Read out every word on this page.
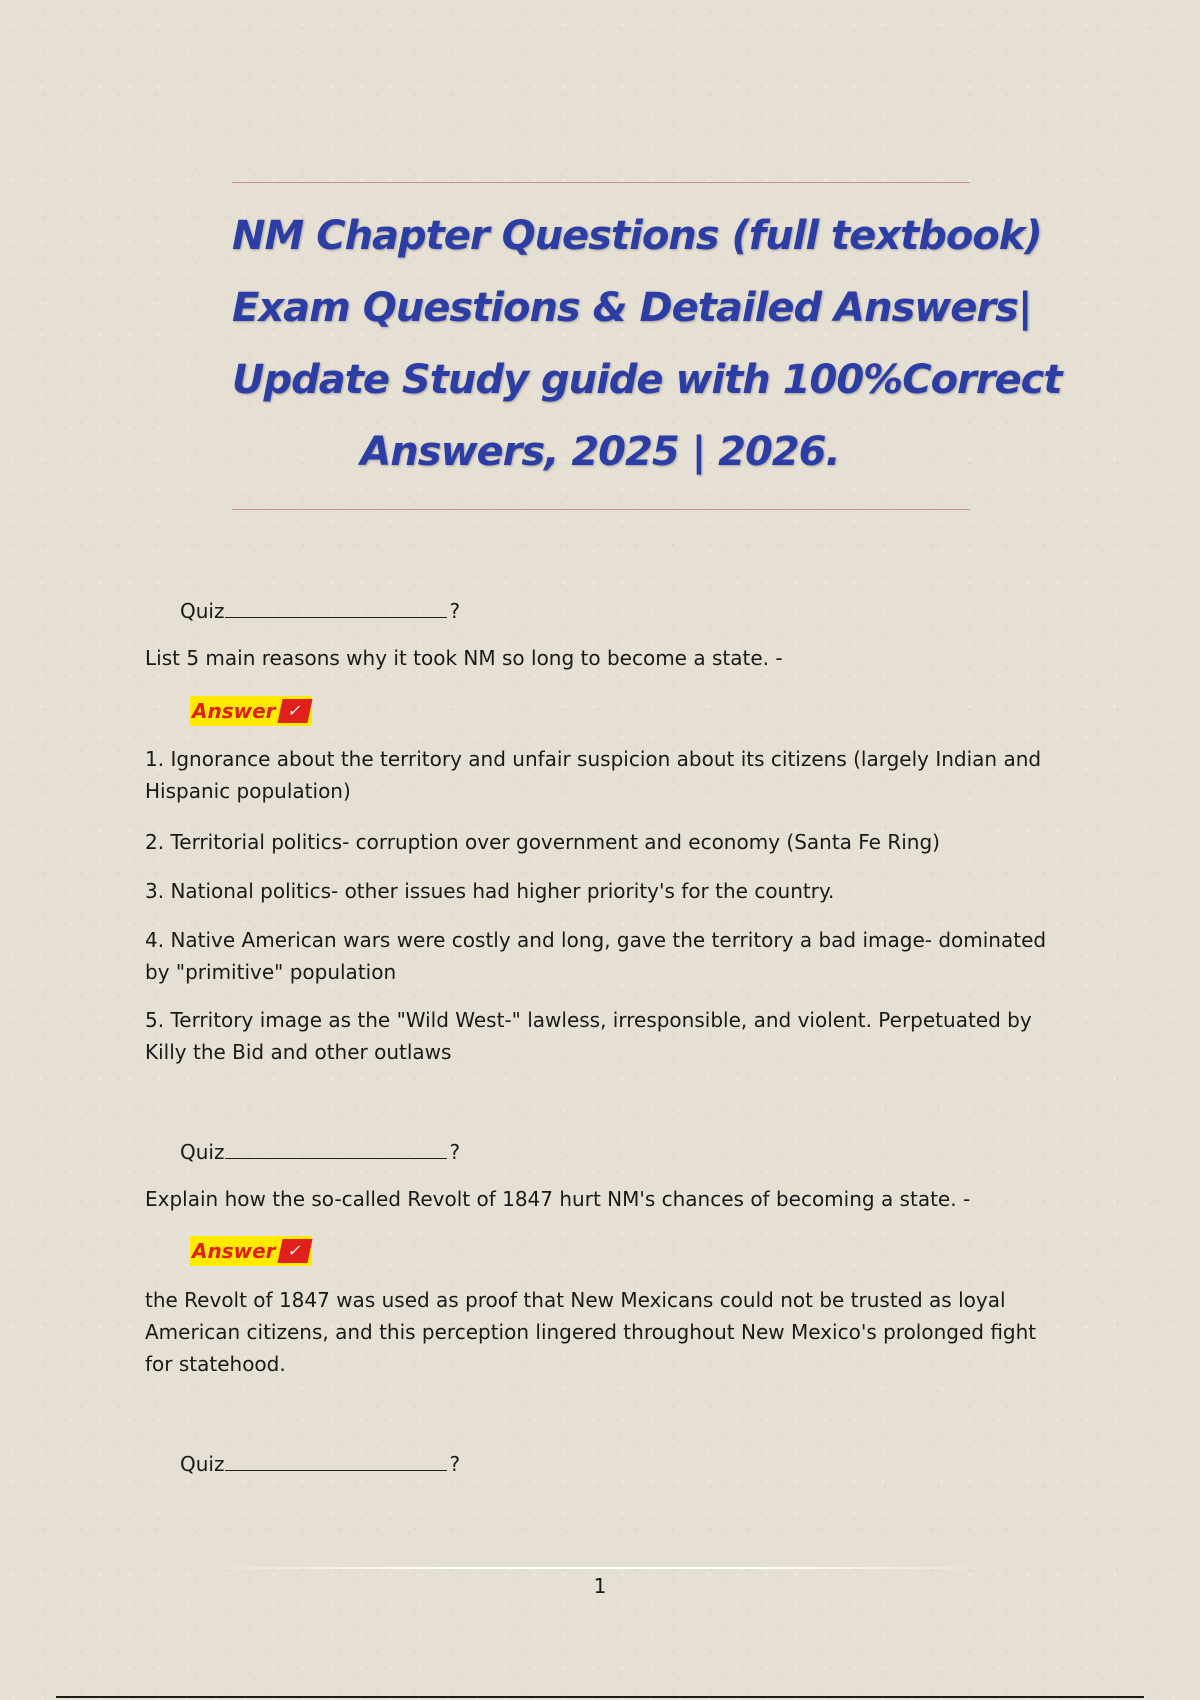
NM Chapter Questions (full textbook)
Exam Questions & Detailed Answers|
Update Study guide with 100%Correct
Answers, 2025 | 2026.
Quiz	?
List 5 main reasons why it took NM so long to become a state. -
Answer ✓
1. Ignorance about the territory and unfair suspicion about its citizens (largely Indian and Hispanic population)
2. Territorial politics- corruption over government and economy (Santa Fe Ring)
3. National politics- other issues had higher priority's for the country.
4. Native American wars were costly and long, gave the territory a bad image- dominated by "primitive" population
5. Territory image as the "Wild West-" lawless, irresponsible, and violent. Perpetuated by Killy the Bid and other outlaws
Quiz	?
Explain how the so-called Revolt of 1847 hurt NM's chances of becoming a state. -
Answer ✓
the Revolt of 1847 was used as proof that New Mexicans could not be trusted as loyal American citizens, and this perception lingered throughout New Mexico's prolonged fight for statehood.
Quiz	?
1
